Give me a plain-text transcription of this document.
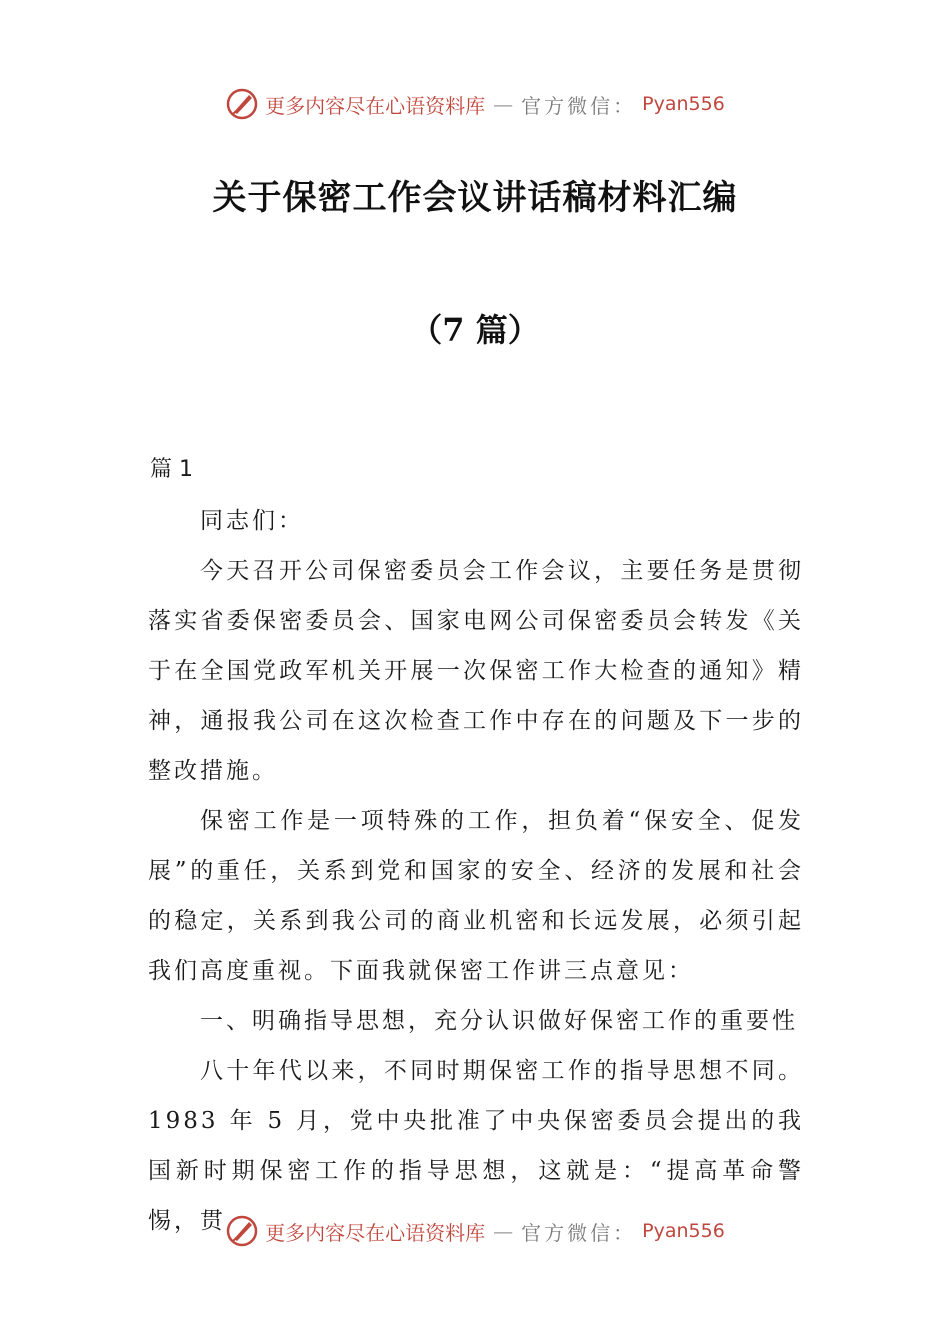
更多内容尽在心语资料库 — 官方微信： Pyan556
关于保密工作会议讲话稿材料汇编
（7 篇）
篇 1

同志们：

今天召开公司保密委员会工作会议，主要任务是贯彻落实省委保密委员会、国家电网公司保密委员会转发《关于在全国党政军机关开展一次保密工作大检查的通知》精神，通报我公司在这次检查工作中存在的问题及下一步的整改措施。

保密工作是一项特殊的工作，担负着“保安全、促发展”的重任，关系到党和国家的安全、经济的发展和社会的稳定，关系到我公司的商业机密和长远发展，必须引起我们高度重视。下面我就保密工作讲三点意见：

一、明确指导思想，充分认识做好保密工作的重要性

八十年代以来，不同时期保密工作的指导思想不同。1983 年 5 月，党中央批准了中央保密委员会提出的我国新时期保密工作的指导思想，这就是：“提高革命警惕，贯	更多内容尽在心语资料库 — 官方微信： Pyan556
